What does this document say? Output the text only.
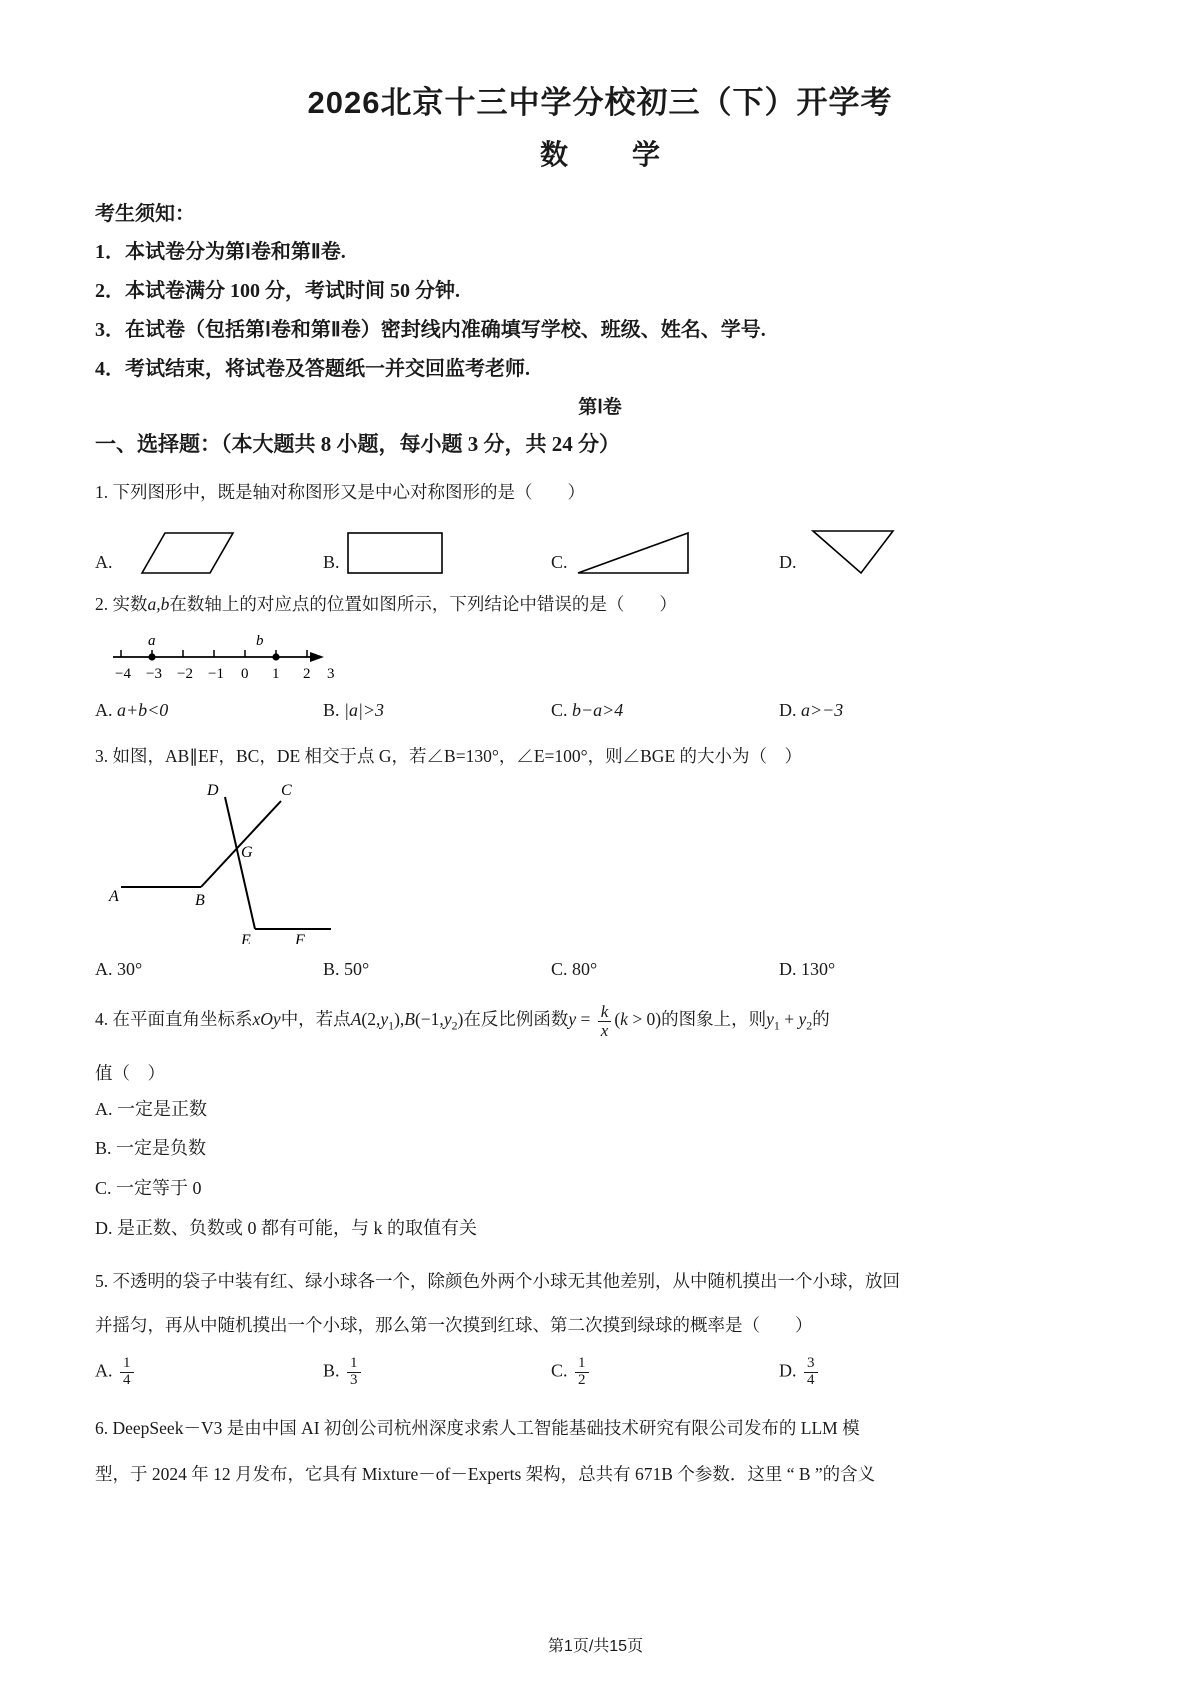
2026北京十三中学分校初三（下）开学考
数　学
考生须知：
1．本试卷分为第Ⅰ卷和第Ⅱ卷.
2．本试卷满分 100 分，考试时间 50 分钟.
3．在试卷（包括第Ⅰ卷和第Ⅱ卷）密封线内准确填写学校、班级、姓名、学号.
4．考试结束，将试卷及答题纸一并交回监考老师.
第Ⅰ卷
一、选择题：（本大题共 8 小题，每小题 3 分，共 24 分）
1. 下列图形中，既是轴对称图形又是中心对称图形的是（　　）
A.	B.	C.	D.
2. 实数a,b在数轴上的对应点的位置如图所示，下列结论中错误的是（　　）
a	b
−4 −3 −2 −1 0 1 2 3
A. a+b<0	B. |a|>3	C. b−a>4	D. a>−3
3. 如图，AB∥EF，BC，DE 相交于点 G，若∠B=130°，∠E=100°，则∠BGE 的大小为（　）
A	B
C
D
E	F
G
A. 30°	B. 50°	C. 80°	D. 130°
4. 在平面直角坐标系xOy中，若点$A(2,y_1),B(-1,y_2)$在反比例函数$y = \frac{k}{x} (k > 0)$的图象上，则$y_1 + y_2$的
值（　）
A. 一定是正数
B. 一定是负数
C. 一定等于 0
D. 是正数、负数或 0 都有可能，与 k 的取值有关
5. 不透明的袋子中装有红、绿小球各一个，除颜色外两个小球无其他差别，从中随机摸出一个小球，放回
并摇匀，再从中随机摸出一个小球，那么第一次摸到红球、第二次摸到绿球的概率是（　　）
A. $\frac{1}{4}$	B. $\frac{1}{3}$	C. $\frac{1}{2}$	D. $\frac{3}{4}$
6. DeepSeek－V3 是由中国 AI 初创公司杭州深度求索人工智能基础技术研究有限公司发布的 LLM 模
型，于 2024 年 12 月发布，它具有 Mixture－of－Experts 架构，总共有 671B 个参数．这里 “ B ”的含义
第1页/共15页
